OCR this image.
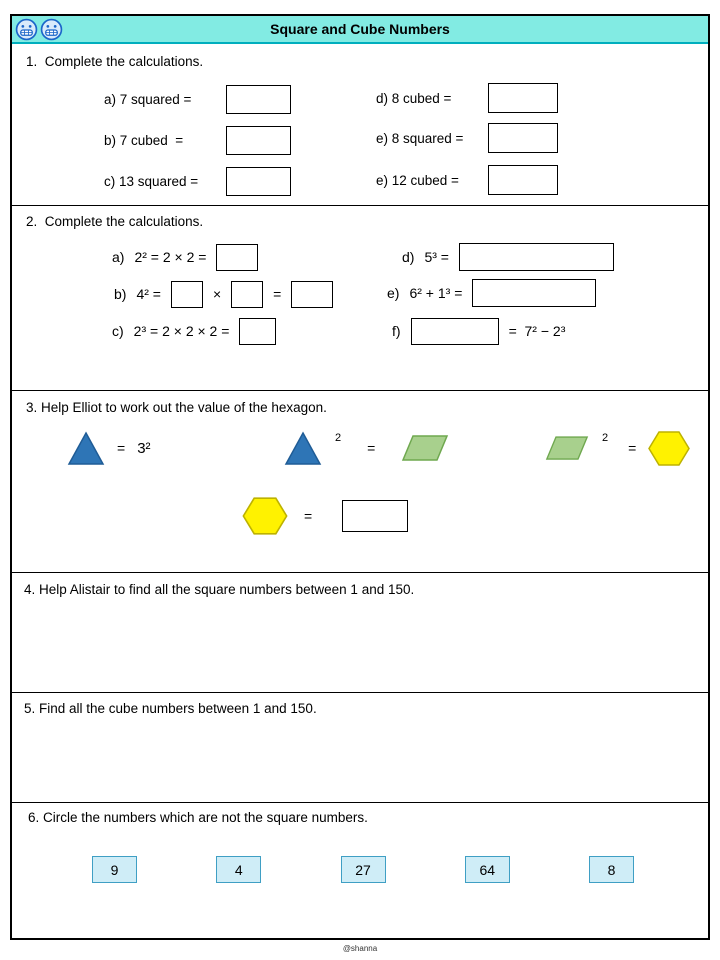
Square and Cube Numbers
1.  Complete the calculations.
a) 7 squared =
b) 7 cubed  =
c) 13 squared =
d) 8 cubed =
e) 8 squared =
e) 12 cubed =
2.  Complete the calculations.
a) 2² = 2 × 2 =
b) 4² =	×	=
c) 2³ = 2 × 2 × 2 =
d) 5³ =
e) 6² + 1³ =
f)	=  7² − 2³
3. Help Elliot to work out the value of the hexagon.
= 3²
2
=
2
=
=
4. Help Alistair to find all the square numbers between 1 and 150.
5. Find all the cube numbers between 1 and 150.
6. Circle the numbers which are not the square numbers.
9	4	27	64	8
@shanna
